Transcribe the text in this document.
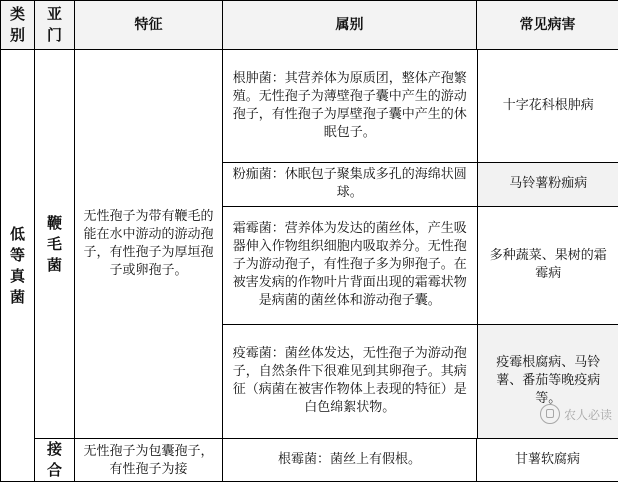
类别	亚门	特征	属别	常见病害
低等真菌	鞭毛菌	无性孢子为带有鞭毛的能在水中游动的游动孢子，有性孢子为厚垣孢子或卵孢子。	
根肿菌：其营养体为原质团，整体产孢繁殖。无性孢子为薄壁孢子囊中产生的游动孢子，有性孢子为厚壁孢子囊中产生的休眠包子。	十字花科根肿病
粉痂菌：休眠包子聚集成多孔的海绵状圆球。	马铃薯粉痂病
霜霉菌：营养体为发达的菌丝体，产生吸器伸入作物组织细胞内吸取养分。无性孢子为游动孢子，有性孢子多为卵孢子。在被害发病的作物叶片背面出现的霜霉状物是病菌的菌丝体和游动孢子囊。	多种蔬菜、果树的霜霉病
疫霉菌：菌丝体发达，无性孢子为游动孢子，自然条件下很难见到其卵孢子。其病征（病菌在被害作物体上表现的特征）是白色绵絮状物。	疫霉根腐病、马铃薯、番茄等晚疫病等。

接合	无性孢子为包囊孢子，有性孢子为接	根霉菌：菌丝上有假根。	甘薯软腐病
农人必读
